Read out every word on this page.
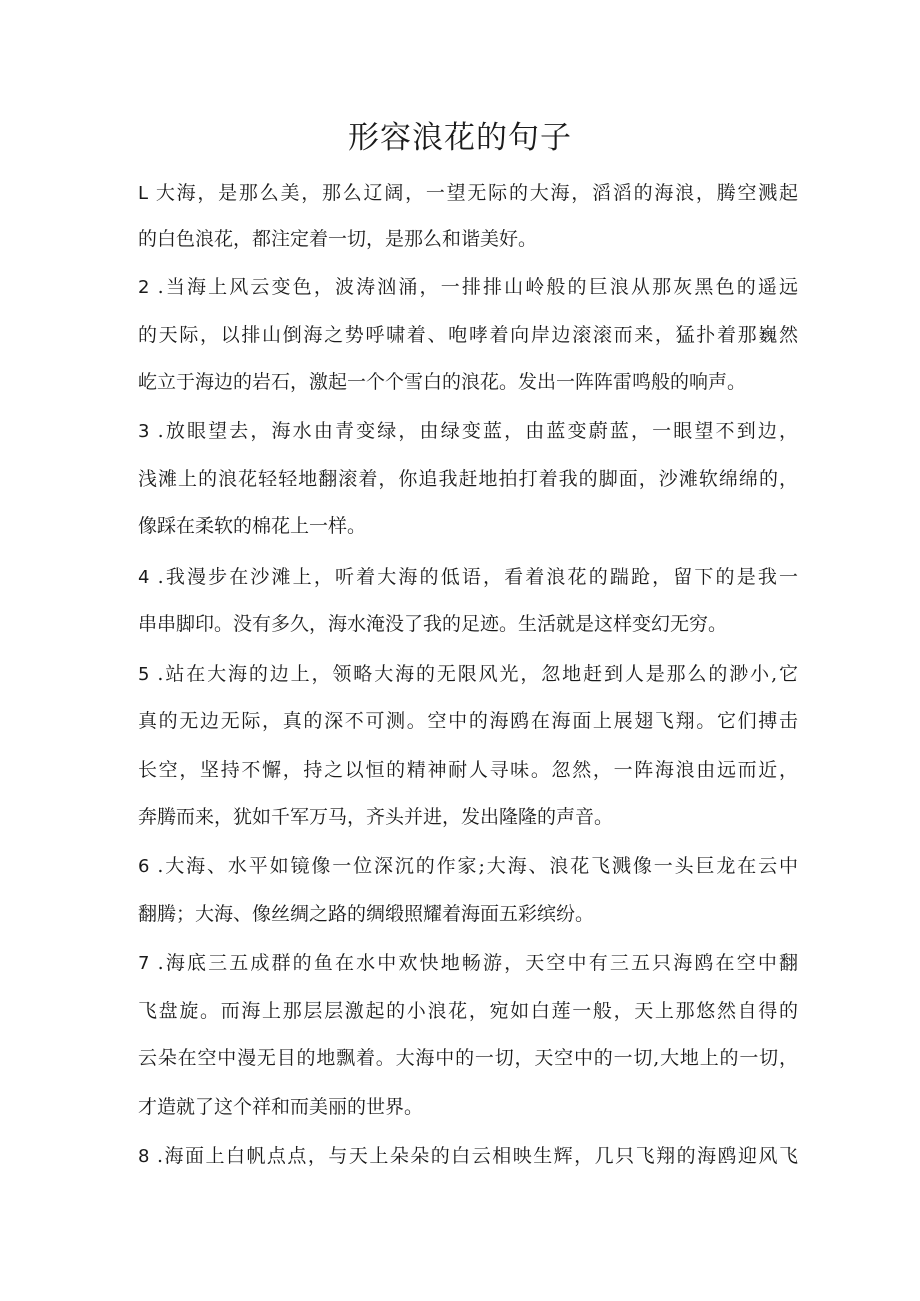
形容浪花的句子

L 大海，是那么美，那么辽阔，一望无际的大海，滔滔的海浪，腾空溅起

的白色浪花，都注定着一切，是那么和谐美好。

2 .当海上风云变色，波涛汹涌，一排排山岭般的巨浪从那灰黑色的遥远

的天际，以排山倒海之势呼啸着、咆哮着向岸边滚滚而来，猛扑着那巍然

屹立于海边的岩石，激起一个个雪白的浪花。发出一阵阵雷鸣般的响声。

3 .放眼望去，海水由青变绿，由绿变蓝，由蓝变蔚蓝，一眼望不到边，

浅滩上的浪花轻轻地翻滚着，你追我赶地拍打着我的脚面，沙滩软绵绵的，

像踩在柔软的棉花上一样。

4 .我漫步在沙滩上，听着大海的低语，看着浪花的踹跄，留下的是我一

串串脚印。没有多久，海水淹没了我的足迹。生活就是这样变幻无穷。

5 .站在大海的边上，领略大海的无限风光，忽地赶到人是那么的渺小,它

真的无边无际，真的深不可测。空中的海鸥在海面上展翅飞翔。它们搏击

长空，坚持不懈，持之以恒的精神耐人寻味。忽然，一阵海浪由远而近，

奔腾而来，犹如千军万马，齐头并进，发出隆隆的声音。

6 .大海、水平如镜像一位深沉的作家;大海、浪花飞溅像一头巨龙在云中

翻腾；大海、像丝绸之路的绸缎照耀着海面五彩缤纷。

7 .海底三五成群的鱼在水中欢快地畅游，天空中有三五只海鸥在空中翻

飞盘旋。而海上那层层激起的小浪花，宛如白莲一般，天上那悠然自得的

云朵在空中漫无目的地飘着。大海中的一切，天空中的一切,大地上的一切，

才造就了这个祥和而美丽的世界。

8 .海面上白帆点点，与天上朵朵的白云相映生辉，几只飞翔的海鸥迎风飞
